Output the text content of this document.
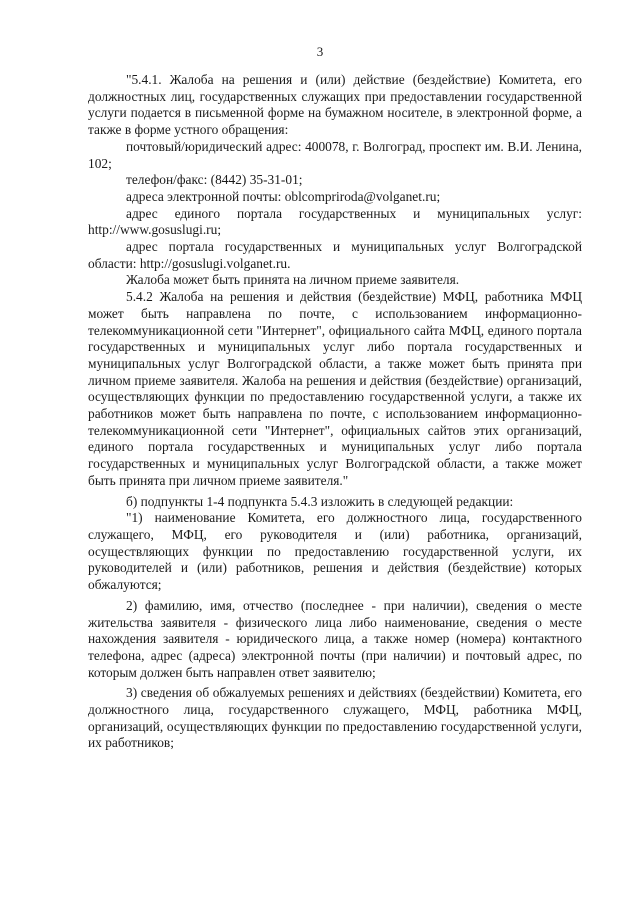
3

"5.4.1. Жалоба на решения и (или) действие (бездействие) Комитета, его должностных лиц, государственных служащих при предоставлении государственной услуги подается в письменной форме на бумажном носителе, в электронной форме, а также в форме устного обращения:

почтовый/юридический адрес: 400078, г. Волгоград, проспект им. В.И. Ленина, 102;

телефон/факс: (8442) 35-31-01;

адреса электронной почты: oblcompriroda@volganet.ru;

адрес единого портала государственных и муниципальных услуг: http://www.gosuslugi.ru;

адрес портала государственных и муниципальных услуг Волгоградской области: http://gosuslugi.volganet.ru.

Жалоба может быть принята на личном приеме заявителя.

5.4.2 Жалоба на решения и действия (бездействие) МФЦ, работника МФЦ может быть направлена по почте, с использованием информационно-телекоммуникационной сети "Интернет", официального сайта МФЦ, единого портала государственных и муниципальных услуг либо портала государственных и муниципальных услуг Волгоградской области, а также может быть принята при личном приеме заявителя. Жалоба на решения и действия (бездействие) организаций, осуществляющих функции по предоставлению государственной услуги, а также их работников может быть направлена по почте, с использованием информационно-телекоммуникационной сети "Интернет", официальных сайтов этих организаций, единого портала государственных и муниципальных услуг либо портала государственных и муниципальных услуг Волгоградской области, а также может быть принята при личном приеме заявителя."

б) подпункты 1-4 подпункта 5.4.3 изложить в следующей редакции:

"1) наименование Комитета, его должностного лица, государственного служащего, МФЦ, его руководителя и (или) работника, организаций, осуществляющих функции по предоставлению государственной услуги, их руководителей и (или) работников, решения и действия (бездействие) которых обжалуются;

2) фамилию, имя, отчество (последнее - при наличии), сведения о месте жительства заявителя - физического лица либо наименование, сведения о месте нахождения заявителя - юридического лица, а также номер (номера) контактного телефона, адрес (адреса) электронной почты (при наличии) и почтовый адрес, по которым должен быть направлен ответ заявителю;

3) сведения об обжалуемых решениях и действиях (бездействии) Комитета, его должностного лица, государственного служащего, МФЦ, работника МФЦ, организаций, осуществляющих функции по предоставлению государственной услуги, их работников;
